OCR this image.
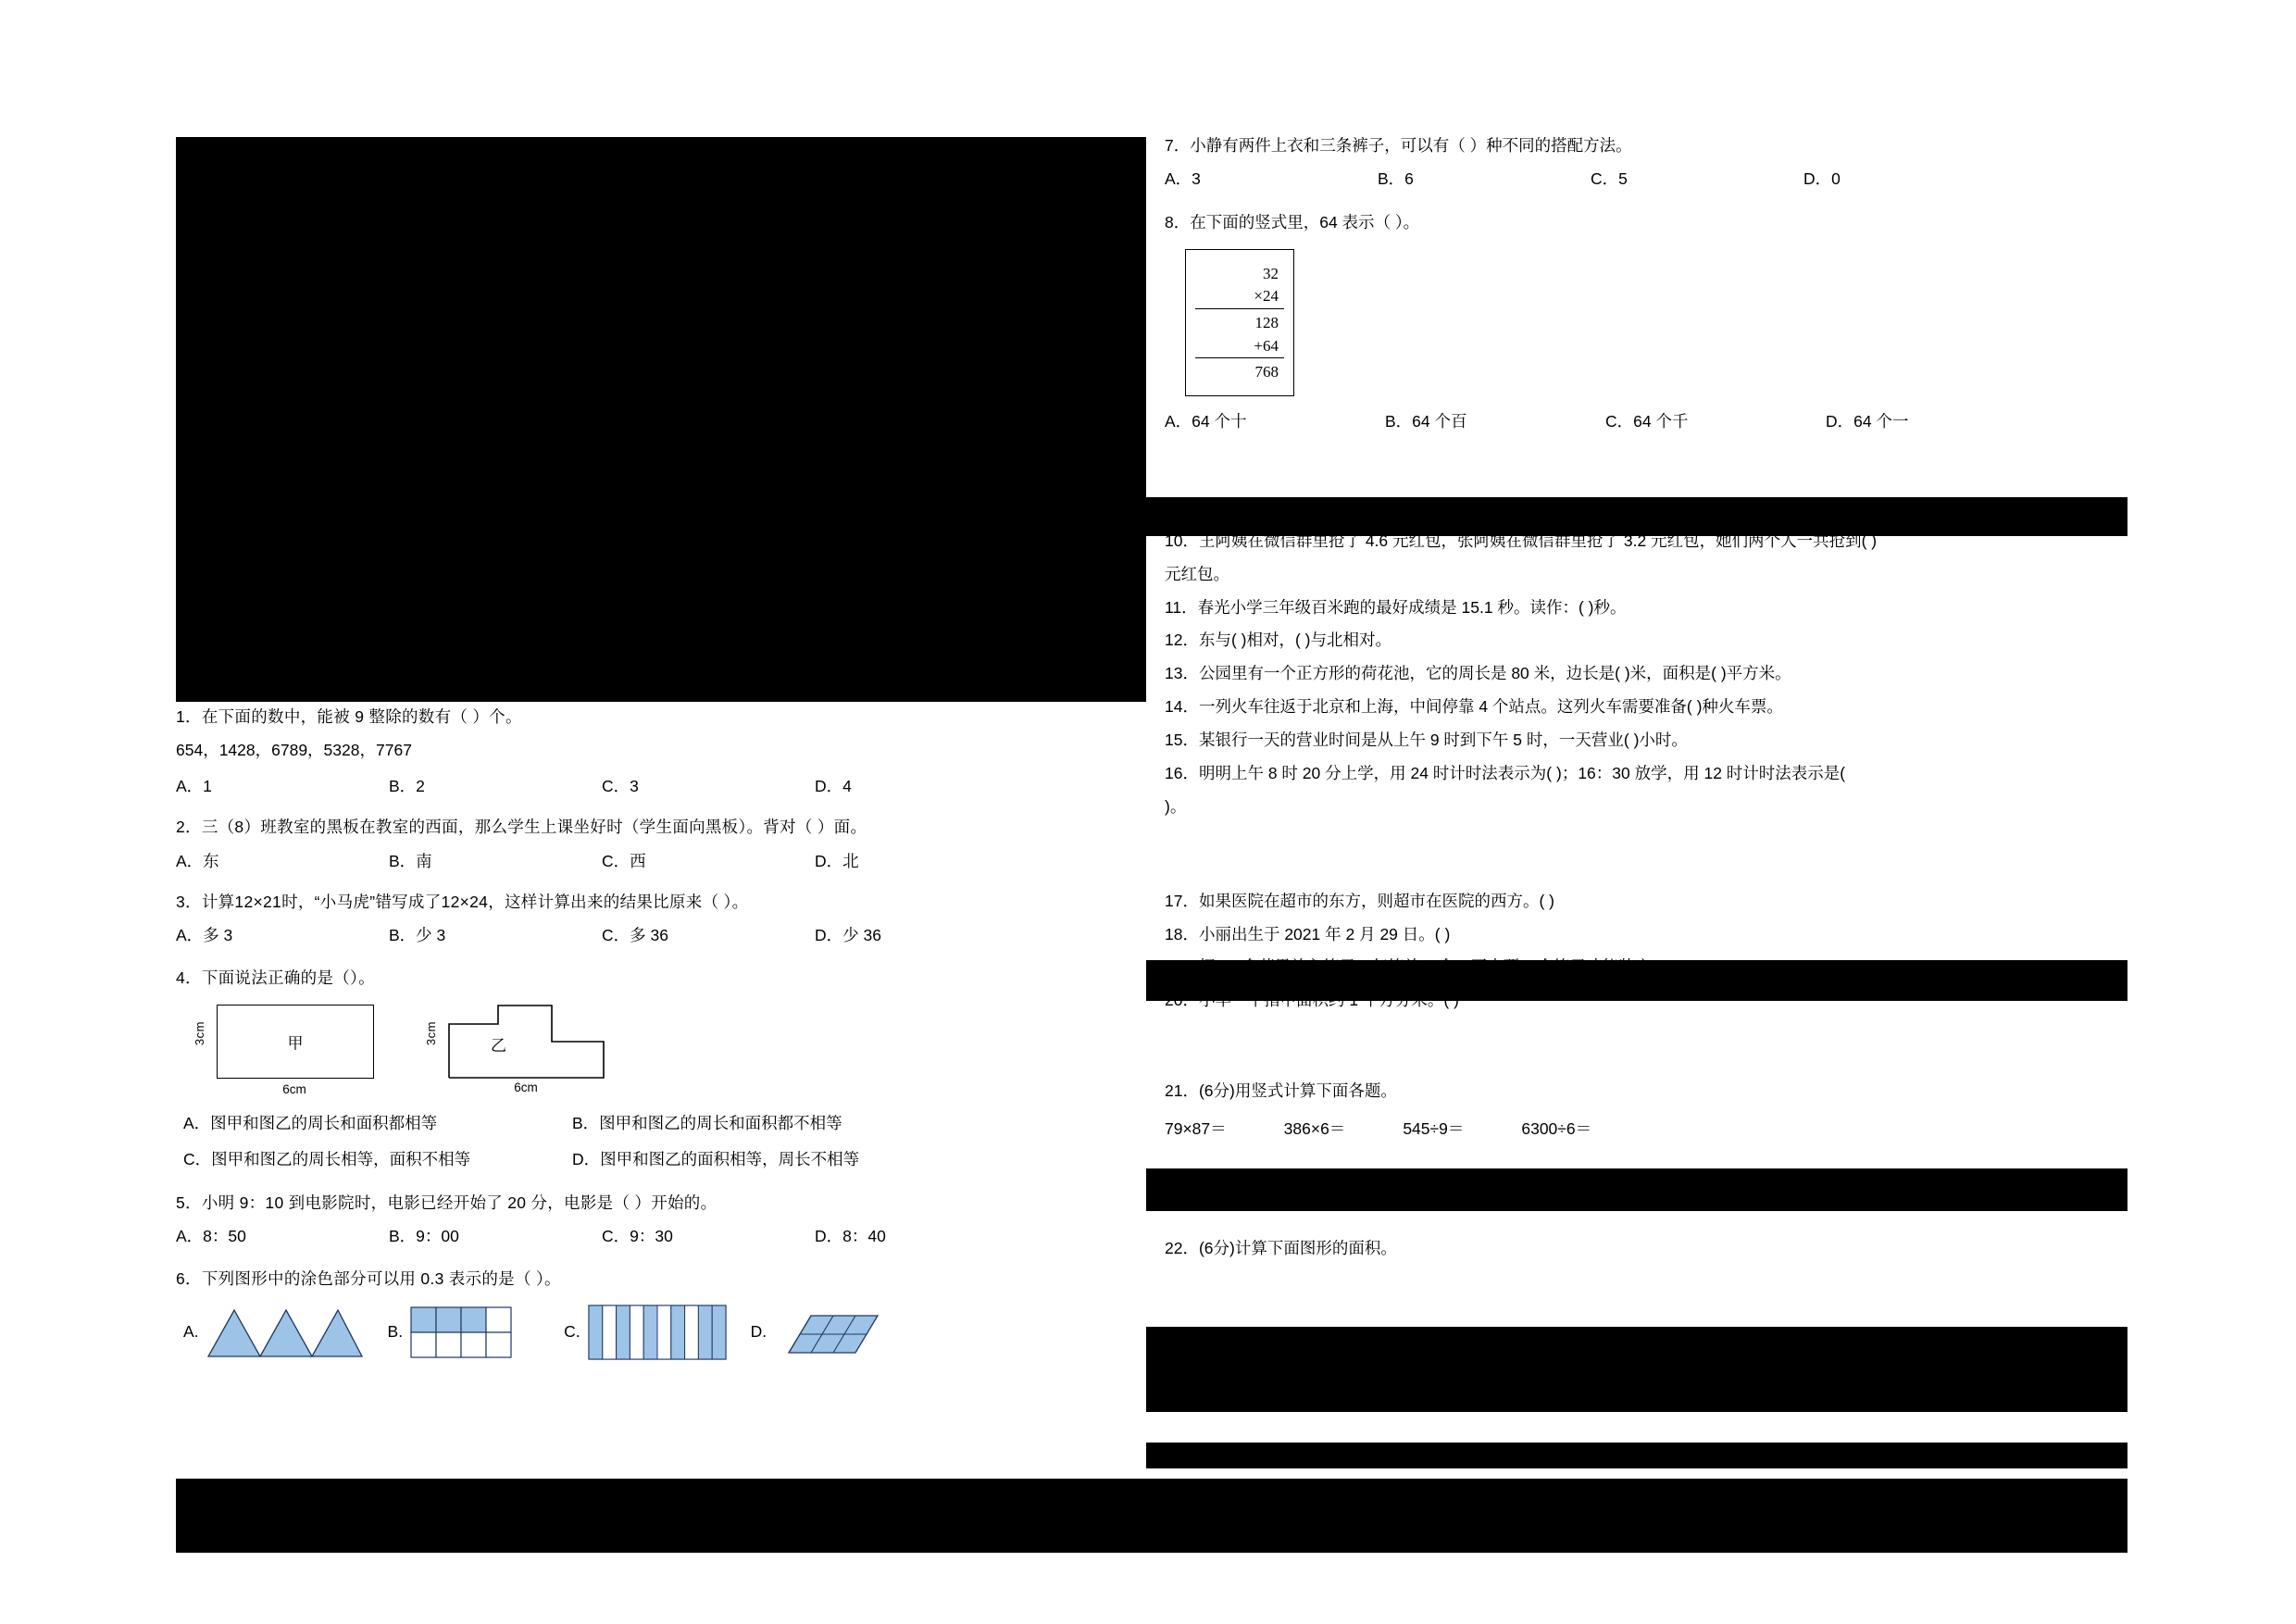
1．在下面的数中，能被 9 整除的数有（ ）个。
654，1428，6789，5328，7767
A．1	B．2	C．3	D．4
2．三（8）班教室的黑板在教室的西面，那么学生上课坐好时（学生面向黑板）。背对（ ）面。
A．东	B．南	C．西	D．北
3．计算12×21时，“小马虎”错写成了12×24，这样计算出来的结果比原来（ ）。
A．多 3	B．少 3	C．多 36	D．少 36
4．下面说法正确的是（）。
3cm	甲
6cm
3cm
乙
6cm
A．图甲和图乙的周长和面积都相等	B．图甲和图乙的周长和面积都不相等
C．图甲和图乙的周长相等，面积不相等	D．图甲和图乙的面积相等，周长不相等
5．小明 9：10 到电影院时，电影已经开始了 20 分，电影是（ ）开始的。
A．8：50	B．9：00	C．9：30	D．8：40
6．下列图形中的涂色部分可以用 0.3 表示的是（ ）。
A.	B.	C.	D.
7．小静有两件上衣和三条裤子，可以有（ ）种不同的搭配方法。
A．3	B．6	C．5	D．0
8．在下面的竖式里，64 表示（ ）。
32
×24
128
+64
768
A．64 个十	B．64 个百	C．64 个千	D．64 个一
9．32×24 的积是( )位数，最高位是( )位。
10．王阿姨在微信群里抢了 4.6 元红包，张阿姨在微信群里抢了 3.2 元红包，她们两个人一共抢到( )
元红包。
11．春光小学三年级百米跑的最好成绩是 15.1 秒。读作：( )秒。
12．东与( )相对，( )与北相对。
13．公园里有一个正方形的荷花池，它的周长是 80 米，边长是( )米，面积是( )平方米。
14．一列火车往返于北京和上海，中间停靠 4 个站点。这列火车需要准备( )种火车票。
15．某银行一天的营业时间是从上午 9 时到下午 5 时，一天营业( )小时。
16．明明上午 8 时 20 分上学，用 24 时计时法表示为( )；16：30 放学，用 12 时计时法表示是(
)。
17．如果医院在超市的东方，则超市在医院的西方。( )
18．小丽出生于 2021 年 2 月 29 日。( )
19．把 75 个苹果放入箱子，每箱放 9 个，至少要 9 个箱子才能装完。( )
20．小华一个指甲面积约 1 平方分米。( )
21．(6分)用竖式计算下面各题。
79×87＝	386×6＝	545÷9＝	6300÷6＝
22．(6分)计算下面图形的面积。
